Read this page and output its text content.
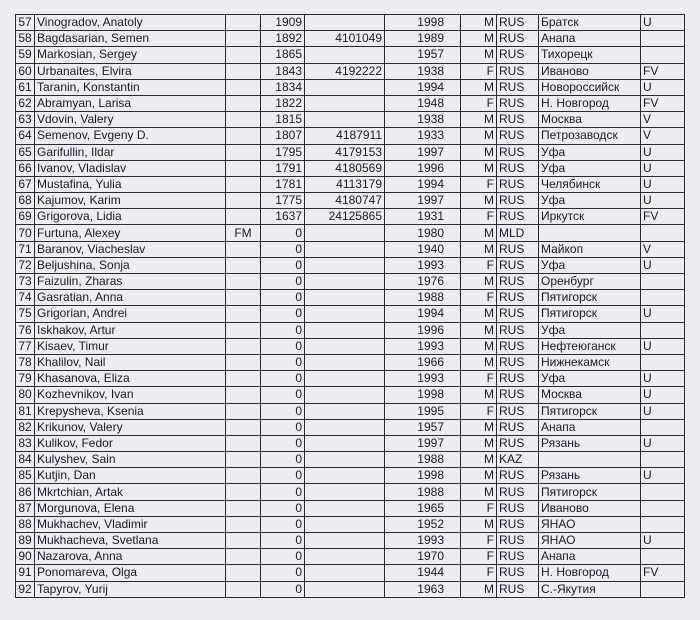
57	Vinogradov, Anatoly		1909		1998	M	RUS	Братск	U
58	Bagdasarian, Semen		1892	4101049	1989	M	RUS	Анапа	
59	Markosian, Sergey		1865		1957	M	RUS	Тихорецк	
60	Urbanaites, Elvira		1843	4192222	1938	F	RUS	Иваново	FV
61	Taranin, Konstantin		1834		1994	M	RUS	Новороссийск	U
62	Abramyan, Larisa		1822		1948	F	RUS	Н. Новгород	FV
63	Vdovin, Valery		1815		1938	M	RUS	Москва	V
64	Semenov, Evgeny D.		1807	4187911	1933	M	RUS	Петрозаводск	V
65	Garifullin, Ildar		1795	4179153	1997	M	RUS	Уфа	U
66	Ivanov, Vladislav		1791	4180569	1996	M	RUS	Уфа	U
67	Mustafina, Yulia		1781	4113179	1994	F	RUS	Челябинск	U
68	Kajumov, Karim		1775	4180747	1997	M	RUS	Уфа	U
69	Grigorova, Lidia		1637	24125865	1931	F	RUS	Иркутск	FV
70	Furtuna, Alexey	FM	0		1980	M	MLD		
71	Baranov, Viacheslav		0		1940	M	RUS	Майкоп	V
72	Beljushina, Sonja		0		1993	F	RUS	Уфа	U
73	Faizulin, Zharas		0		1976	M	RUS	Оренбург	
74	Gasratian, Anna		0		1988	F	RUS	Пятигорск	
75	Grigorian, Andrei		0		1994	M	RUS	Пятигорск	U
76	Iskhakov, Artur		0		1996	M	RUS	Уфа	
77	Kisaev, Timur		0		1993	M	RUS	Нефтеюганск	U
78	Khalilov, Nail		0		1966	M	RUS	Нижнекамск	
79	Khasanova, Eliza		0		1993	F	RUS	Уфа	U
80	Kozhevnikov, Ivan		0		1998	M	RUS	Москва	U
81	Krepysheva, Ksenia		0		1995	F	RUS	Пятигорск	U
82	Krikunov, Valery		0		1957	M	RUS	Анапа	
83	Kulikov, Fedor		0		1997	M	RUS	Рязань	U
84	Kulyshev, Sain		0		1988	M	KAZ		
85	Kutjin, Dan		0		1998	M	RUS	Рязань	U
86	Mkrtchian, Artak		0		1988	M	RUS	Пятигорск	
87	Morgunova, Elena		0		1965	F	RUS	Иваново	
88	Mukhachev, Vladimir		0		1952	M	RUS	ЯНАО	
89	Mukhacheva, Svetlana		0		1993	F	RUS	ЯНАО	U
90	Nazarova, Anna		0		1970	F	RUS	Анапа	
91	Ponomareva, Olga		0		1944	F	RUS	Н. Новгород	FV
92	Tapyrov, Yurij		0		1963	M	RUS	С.-Якутия	
